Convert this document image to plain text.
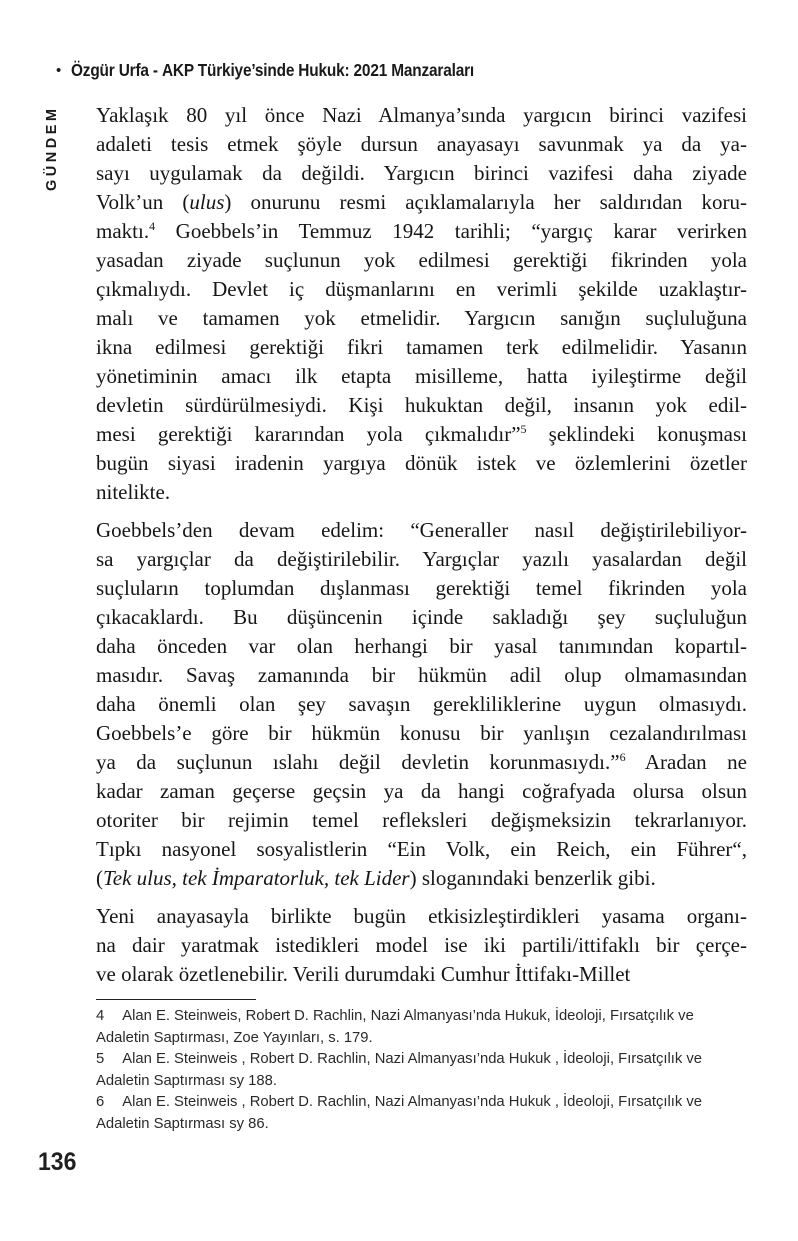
• Özgür Urfa - AKP Türkiye’sinde Hukuk: 2021 Manzaraları
GÜNDEM Yaklaşık 80 yıl önce Nazi Almanya’sında yargıcın birinci vazifesi
adaleti tesis etmek şöyle dursun anayasayı savunmak ya da ya-
sayı uygulamak da değildi. Yargıcın birinci vazifesi daha ziyade
Volk’un (ulus) onurunu resmi açıklamalarıyla her saldırıdan koru-
maktı.$^4$ Goebbels’in Temmuz 1942 tarihli; “yargıç karar verirken
yasadan ziyade suçlunun yok edilmesi gerektiği fikrinden yola
çıkmalıydı. Devlet iç düşmanlarını en verimli şekilde uzaklaştır-
malı ve tamamen yok etmelidir. Yargıcın sanığın suçluluğuna
ikna edilmesi gerektiği fikri tamamen terk edilmelidir. Yasanın
yönetiminin amacı ilk etapta misilleme, hatta iyileştirme değil
devletin sürdürülmesiydi. Kişi hukuktan değil, insanın yok edil-
mesi gerektiği kararından yola çıkmalıdır”$^5$ şeklindeki konuşması
bugün siyasi iradenin yargıya dönük istek ve özlemlerini özetler
nitelikte.
Goebbels’den devam edelim: “Generaller nasıl değiştirilebiliyor-
sa yargıçlar da değiştirilebilir. Yargıçlar yazılı yasalardan değil
suçluların toplumdan dışlanması gerektiği temel fikrinden yola
çıkacaklardı. Bu düşüncenin içinde sakladığı şey suçluluğun
daha önceden var olan herhangi bir yasal tanımından kopartıl-
masıdır. Savaş zamanında bir hükmün adil olup olmamasından
daha önemli olan şey savaşın gerekliliklerine uygun olmasıydı.
Goebbels’e göre bir hükmün konusu bir yanlışın cezalandırılması
ya da suçlunun ıslahı değil devletin korunmasıydı.”$^6$ Aradan ne
kadar zaman geçerse geçsin ya da hangi coğrafyada olursa olsun
otoriter bir rejimin temel refleksleri değişmeksizin tekrarlanıyor.
Tıpkı nasyonel sosyalistlerin “Ein Volk, ein Reich, ein Führer“,
(Tek ulus, tek İmparatorluk, tek Lider) sloganındaki benzerlik gibi.
Yeni anayasayla birlikte bugün etkisizleştirdikleri yasama organı-
na dair yaratmak istedikleri model ise iki partili/ittifaklı bir çerçe-
ve olarak özetlenebilir. Verili durumdaki Cumhur İttifakı-Millet

4 Alan E. Steinweis, Robert D. Rachlin, Nazi Almanyası’nda Hukuk, İdeoloji, Fırsatçılık ve Adaletin Saptırması, Zoe Yayınları, s. 179.

5 Alan E. Steinweis , Robert D. Rachlin, Nazi Almanyası’nda Hukuk , İdeoloji, Fırsatçılık ve Adaletin Saptırması sy 188.

6 Alan E. Steinweis , Robert D. Rachlin, Nazi Almanyası’nda Hukuk , İdeoloji, Fırsatçılık ve Adaletin Saptırması sy 86.

136
